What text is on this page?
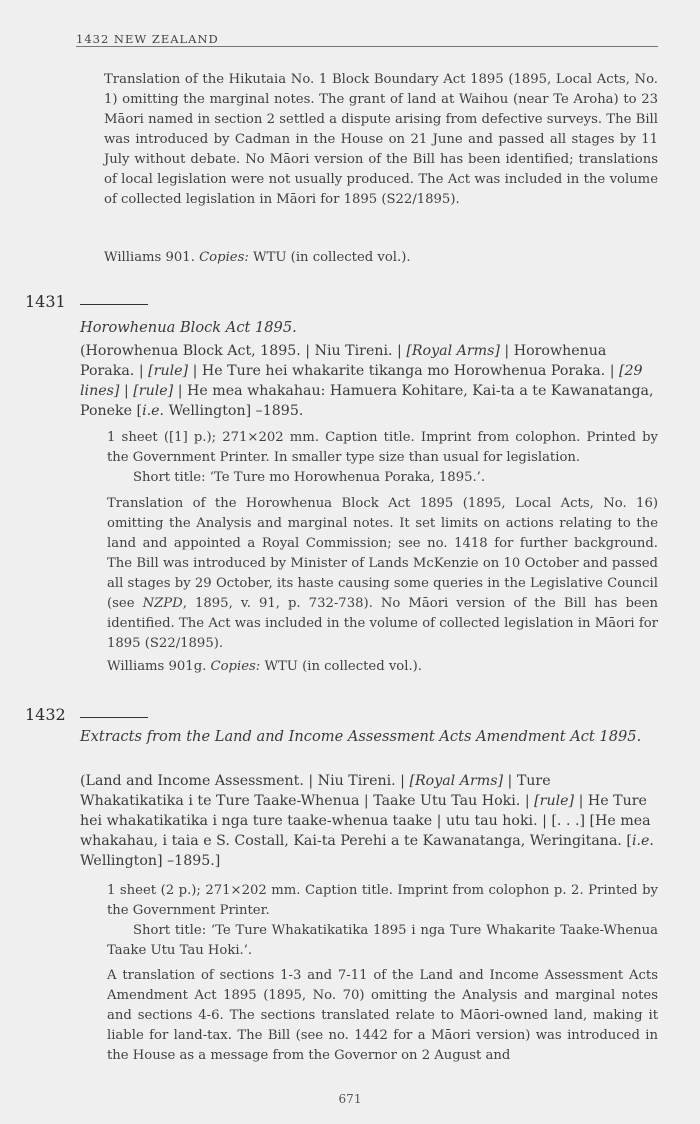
1432 NEW ZEALAND
Translation of the Hikutaia No. 1 Block Boundary Act 1895 (1895, Local Acts, No. 1) omitting the marginal notes. The grant of land at Waihou (near Te Aroha) to 23 Māori named in section 2 settled a dispute arising from defective surveys. The Bill was introduced by Cadman in the House on 21 June and passed all stages by 11 July without debate. No Māori version of the Bill has been identified; translations of local legislation were not usually produced. The Act was included in the volume of collected legislation in Māori for 1895 (S22/1895).
Williams 901. Copies: WTU (in collected vol.).
1431
Horowhenua Block Act 1895.
(Horowhenua Block Act, 1895. | Niu Tireni. | [Royal Arms] | Horowhenua Poraka. | [rule] | He Ture hei whakarite tikanga mo Horowhenua Poraka. | [29 lines] | [rule] | He mea whakahau: Hamuera Kohitare, Kai-ta a te Kawanatanga, Poneke [i.e. Wellington] –1895.
1 sheet ([1] p.); 271×202 mm. Caption title. Imprint from colophon. Printed by the Government Printer. In smaller type size than usual for legislation.
Short title: ‘Te Ture mo Horowhenua Poraka, 1895.’.
Translation of the Horowhenua Block Act 1895 (1895, Local Acts, No. 16) omitting the Analysis and marginal notes. It set limits on actions relating to the land and appointed a Royal Commission; see no. 1418 for further background. The Bill was introduced by Minister of Lands McKenzie on 10 October and passed all stages by 29 October, its haste causing some queries in the Legislative Council (see NZPD, 1895, v. 91, p. 732-738). No Māori version of the Bill has been identified. The Act was included in the volume of collected legislation in Māori for 1895 (S22/1895).
Williams 901g. Copies: WTU (in collected vol.).
1432
Extracts from the Land and Income Assessment Acts Amendment Act 1895.
(Land and Income Assessment. | Niu Tireni. | [Royal Arms] | Ture Whakatikatika i te Ture Taake-Whenua | Taake Utu Tau Hoki. | [rule] | He Ture hei whakatikatika i nga ture taake-whenua taake | utu tau hoki. | [. . .] [He mea whakahau, i taia e S. Costall, Kai-ta Perehi a te Kawanatanga, Weringitana. [i.e. Wellington] –1895.]
1 sheet (2 p.); 271×202 mm. Caption title. Imprint from colophon p. 2. Printed by the Government Printer.
Short title: ‘Te Ture Whakatikatika 1895 i nga Ture Whakarite Taake-Whenua Taake Utu Tau Hoki.’.
A translation of sections 1-3 and 7-11 of the Land and Income Assessment Acts Amendment Act 1895 (1895, No. 70) omitting the Analysis and marginal notes and sections 4-6. The sections translated relate to Māori-owned land, making it liable for land-tax. The Bill (see no. 1442 for a Māori version) was introduced in the House as a message from the Governor on 2 August and
671
